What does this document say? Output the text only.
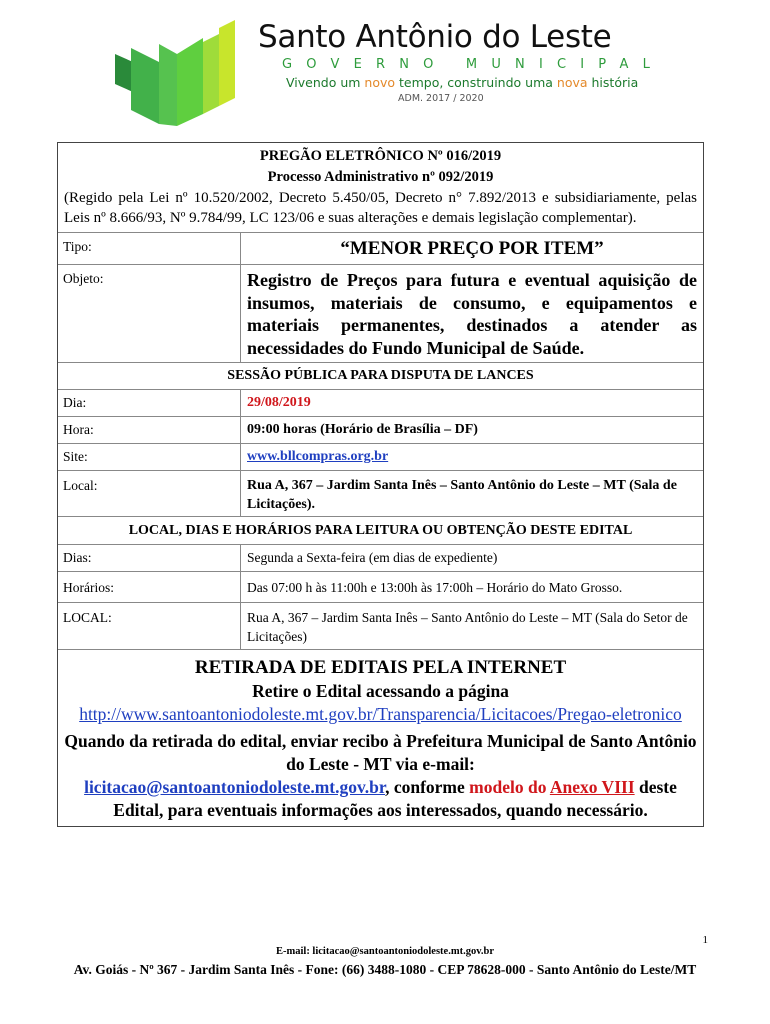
Santo Antônio do Leste
GOVERNO MUNICIPAL
Vivendo um novo tempo, construindo uma nova história
ADM. 2017 / 2020
PREGÃO ELETRÔNICO Nº 016/2019
Processo Administrativo nº 092/2019
(Regido pela Lei nº 10.520/2002, Decreto 5.450/05, Decreto n° 7.892/2013 e subsidiariamente, pelas Leis nº 8.666/93, Nº 9.784/99, LC 123/06 e suas alterações e demais legislação complementar).
Tipo:	“MENOR PREÇO POR ITEM”
Objeto:	Registro de Preços para futura e eventual aquisição de insumos, materiais de consumo, e equipamentos e materiais permanentes, destinados a atender as necessidades do Fundo Municipal de Saúde.
SESSÃO PÚBLICA PARA DISPUTA DE LANCES
Dia:	29/08/2019
Hora:	09:00 horas (Horário de Brasília – DF)
Site:	www.bllcompras.org.br
Local:	Rua A, 367 – Jardim Santa Inês – Santo Antônio do Leste – MT (Sala de Licitações).
LOCAL, DIAS E HORÁRIOS PARA LEITURA OU OBTENÇÃO DESTE EDITAL
Dias:	Segunda a Sexta-feira (em dias de expediente)
Horários:	Das 07:00 h às 11:00h e 13:00h às 17:00h – Horário do Mato Grosso.
LOCAL:	Rua A, 367 – Jardim Santa Inês – Santo Antônio do Leste – MT (Sala do Setor de Licitações)
RETIRADA DE EDITAIS PELA INTERNET
Retire o Edital acessando a página
http://www.santoantoniodoleste.mt.gov.br/Transparencia/Licitacoes/Pregao-eletronico
Quando da retirada do edital, enviar recibo à Prefeitura Municipal de Santo Antônio do Leste - MT via e-mail:
licitacao@santoantoniodoleste.mt.gov.br, conforme modelo do Anexo VIII deste Edital, para eventuais informações aos interessados, quando necessário.
1
E-mail: licitacao@santoantoniodoleste.mt.gov.br
Av. Goiás - Nº 367 - Jardim Santa Inês - Fone: (66) 3488-1080 - CEP 78628-000 - Santo Antônio do Leste/MT
